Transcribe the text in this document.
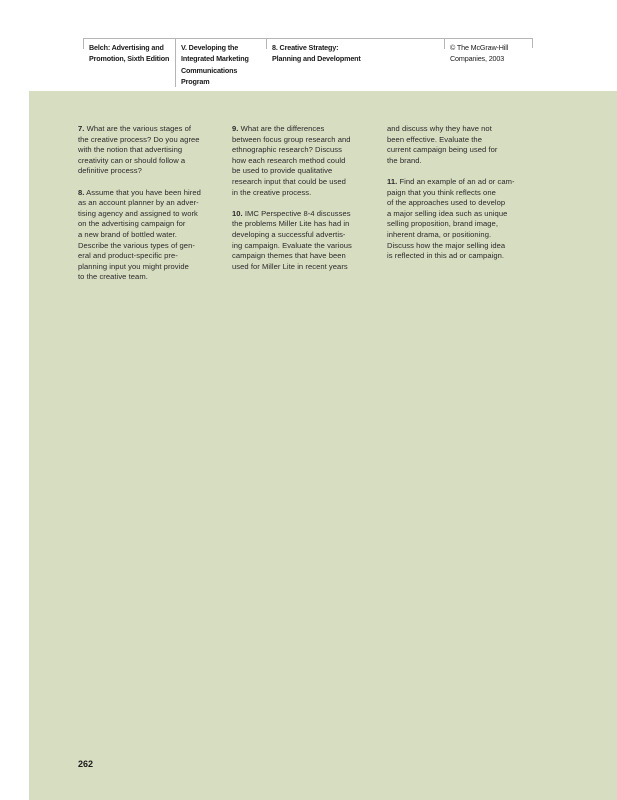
Belch: Advertising and
Promotion, Sixth Edition
V. Developing the
Integrated Marketing
Communications Program
8. Creative Strategy:
Planning and Development
© The McGraw-Hill
Companies, 2003

7. What are the various stages of
the creative process? Do you agree
with the notion that advertising
creativity can or should follow a
definitive process?

8. Assume that you have been hired
as an account planner by an adver-
tising agency and assigned to work
on the advertising campaign for
a new brand of bottled water.
Describe the various types of gen-
eral and product-specific pre-
planning input you might provide
to the creative team.

9. What are the differences
between focus group research and
ethnographic research? Discuss
how each research method could
be used to provide qualitative
research input that could be used
in the creative process.

10. IMC Perspective 8-4 discusses
the problems Miller Lite has had in
developing a successful advertis-
ing campaign. Evaluate the various
campaign themes that have been
used for Miller Lite in recent years

and discuss why they have not
been effective. Evaluate the
current campaign being used for
the brand.

11. Find an example of an ad or cam-
paign that you think reflects one
of the approaches used to develop
a major selling idea such as unique
selling proposition, brand image,
inherent drama, or positioning.
Discuss how the major selling idea
is reflected in this ad or campaign.

262
